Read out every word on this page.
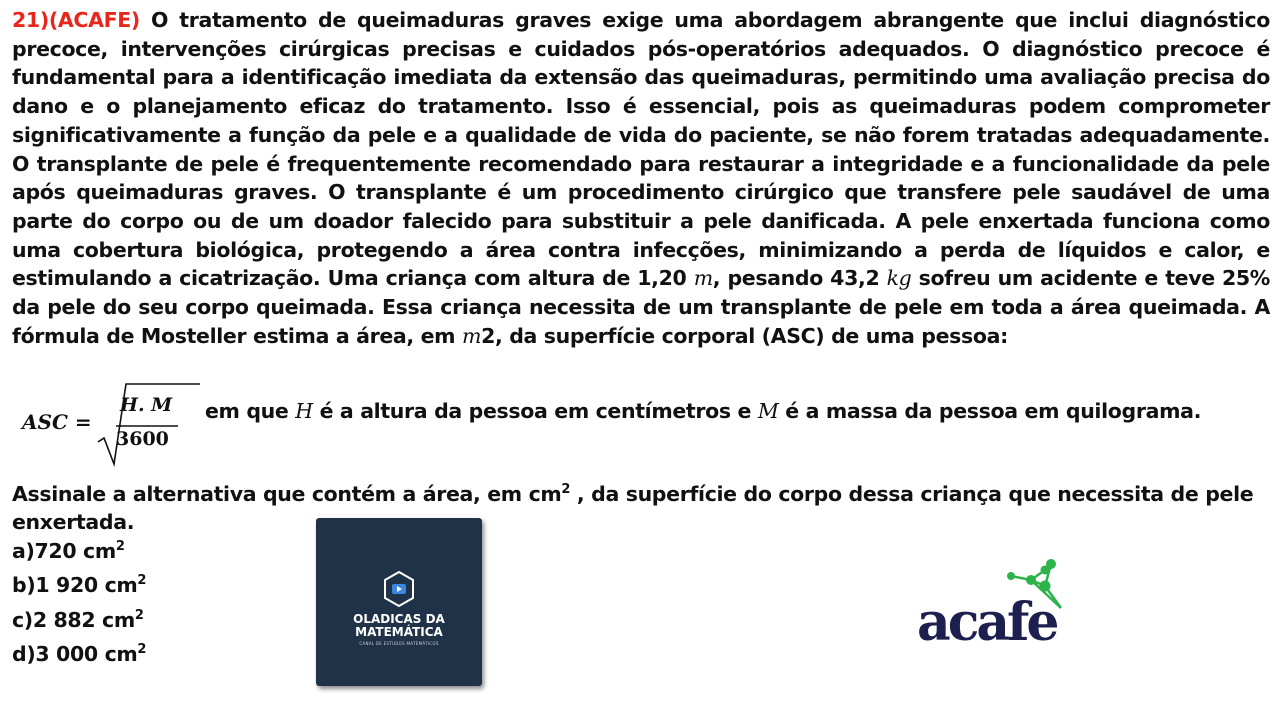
21)(ACAFE) O tratamento de queimaduras graves exige uma abordagem abrangente que inclui diagnóstico precoce, intervenções cirúrgicas precisas e cuidados pós-operatórios adequados. O diagnóstico precoce é fundamental para a identificação imediata da extensão das queimaduras, permitindo uma avaliação precisa do dano e o planejamento eficaz do tratamento. Isso é essencial, pois as queimaduras podem comprometer significativamente a função da pele e a qualidade de vida do paciente, se não forem tratadas adequadamente. O transplante de pele é frequentemente recomendado para restaurar a integridade e a funcionalidade da pele após queimaduras graves. O transplante é um procedimento cirúrgico que transfere pele saudável de uma parte do corpo ou de um doador falecido para substituir a pele danificada. A pele enxertada funciona como uma cobertura biológica, protegendo a área contra infecções, minimizando a perda de líquidos e calor, e estimulando a cicatrização. Uma criança com altura de 1,20 m, pesando 43,2 kg sofreu um acidente e teve 25% da pele do seu corpo queimada. Essa criança necessita de um transplante de pele em toda a área queimada. A fórmula de Mosteller estima a área, em m2, da superfície corporal (ASC) de uma pessoa:

ASC =
H. M
3600
em que H é a altura da pessoa em centímetros e M é a massa da pessoa em quilograma.

Assinale a alternativa que contém a área, em $cm^2$ , da superfície do corpo dessa criança que necessita de pele enxertada.

a)720 $cm^2$
b)1 920 $cm^2$
c)2 882 $cm^2$
d)3 000 $cm^2$
OLADICAS DA
MATEMÁTICA
CANAL DE ESTUDOS MATEMÁTICOS	acafe
